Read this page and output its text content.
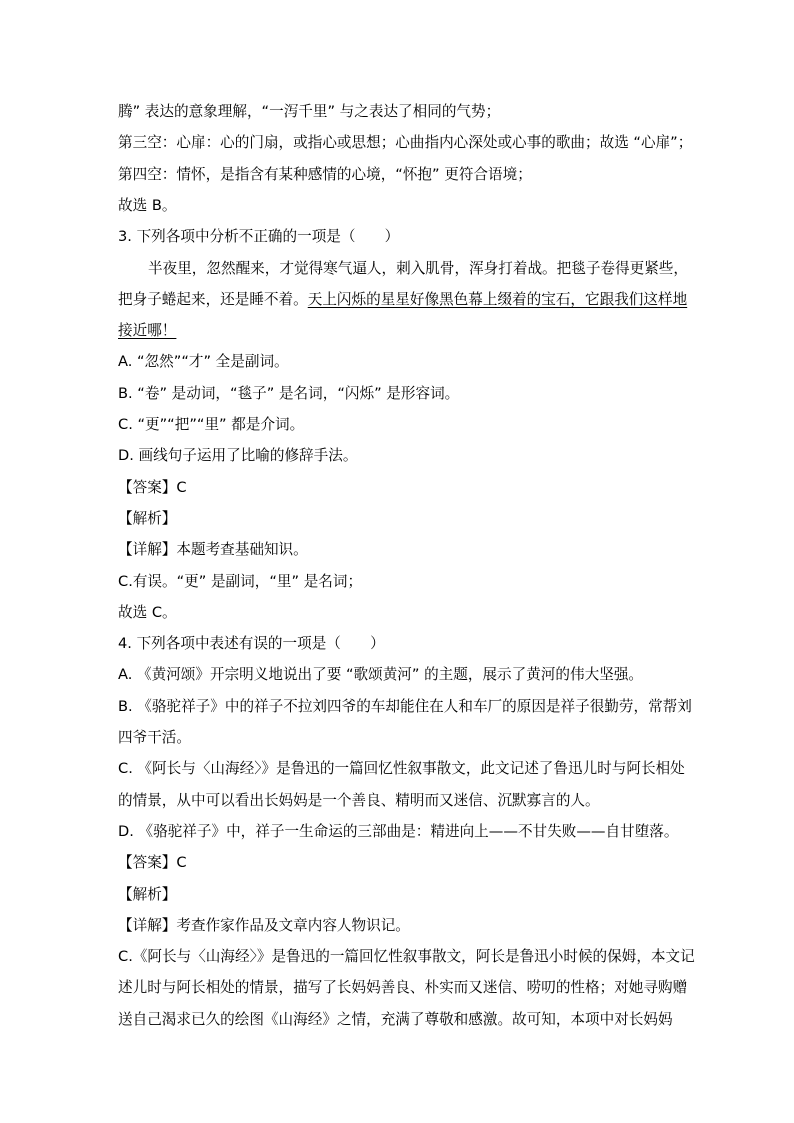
腾” 表达的意象理解，“一泻千里” 与之表达了相同的气势；
第三空：心扉：心的门扇，或指心或思想；心曲指内心深处或心事的歌曲；故选 “心扉”；
第四空：情怀，是指含有某种感情的心境，“怀抱” 更符合语境；
故选 B。
3. 下列各项中分析不正确的一项是（　　）
半夜里，忽然醒来，才觉得寒气逼人，刺入肌骨，浑身打着战。把毯子卷得更紧些，
把身子蜷起来，还是睡不着。天上闪烁的星星好像黑色幕上缀着的宝石，它跟我们这样地
接近哪！
A. “忽然”“才” 全是副词。
B. “卷” 是动词，“毯子” 是名词，“闪烁” 是形容词。
C. “更”“把”“里” 都是介词。
D. 画线句子运用了比喻的修辞手法。
【答案】C
【解析】
【详解】本题考查基础知识。
C.有误。“更” 是副词，“里” 是名词；
故选 C。
4. 下列各项中表述有误的一项是（　　）
A. 《黄河颂》开宗明义地说出了要 “歌颂黄河” 的主题，展示了黄河的伟大坚强。
B. 《骆驼祥子》中的祥子不拉刘四爷的车却能住在人和车厂的原因是祥子很勤劳，常帮刘
四爷干活。
C. 《阿长与〈山海经〉》是鲁迅的一篇回忆性叙事散文，此文记述了鲁迅儿时与阿长相处
的情景，从中可以看出长妈妈是一个善良、精明而又迷信、沉默寡言的人。
D. 《骆驼祥子》中，祥子一生命运的三部曲是：精进向上——不甘失败——自甘堕落。
【答案】C
【解析】
【详解】考查作家作品及文章内容人物识记。
C.《阿长与〈山海经〉》是鲁迅的一篇回忆性叙事散文，阿长是鲁迅小时候的保姆，本文记
述儿时与阿长相处的情景，描写了长妈妈善良、朴实而又迷信、唠叨的性格；对她寻购赠
送自己渴求已久的绘图《山海经》之情，充满了尊敬和感激。故可知，本项中对长妈妈
